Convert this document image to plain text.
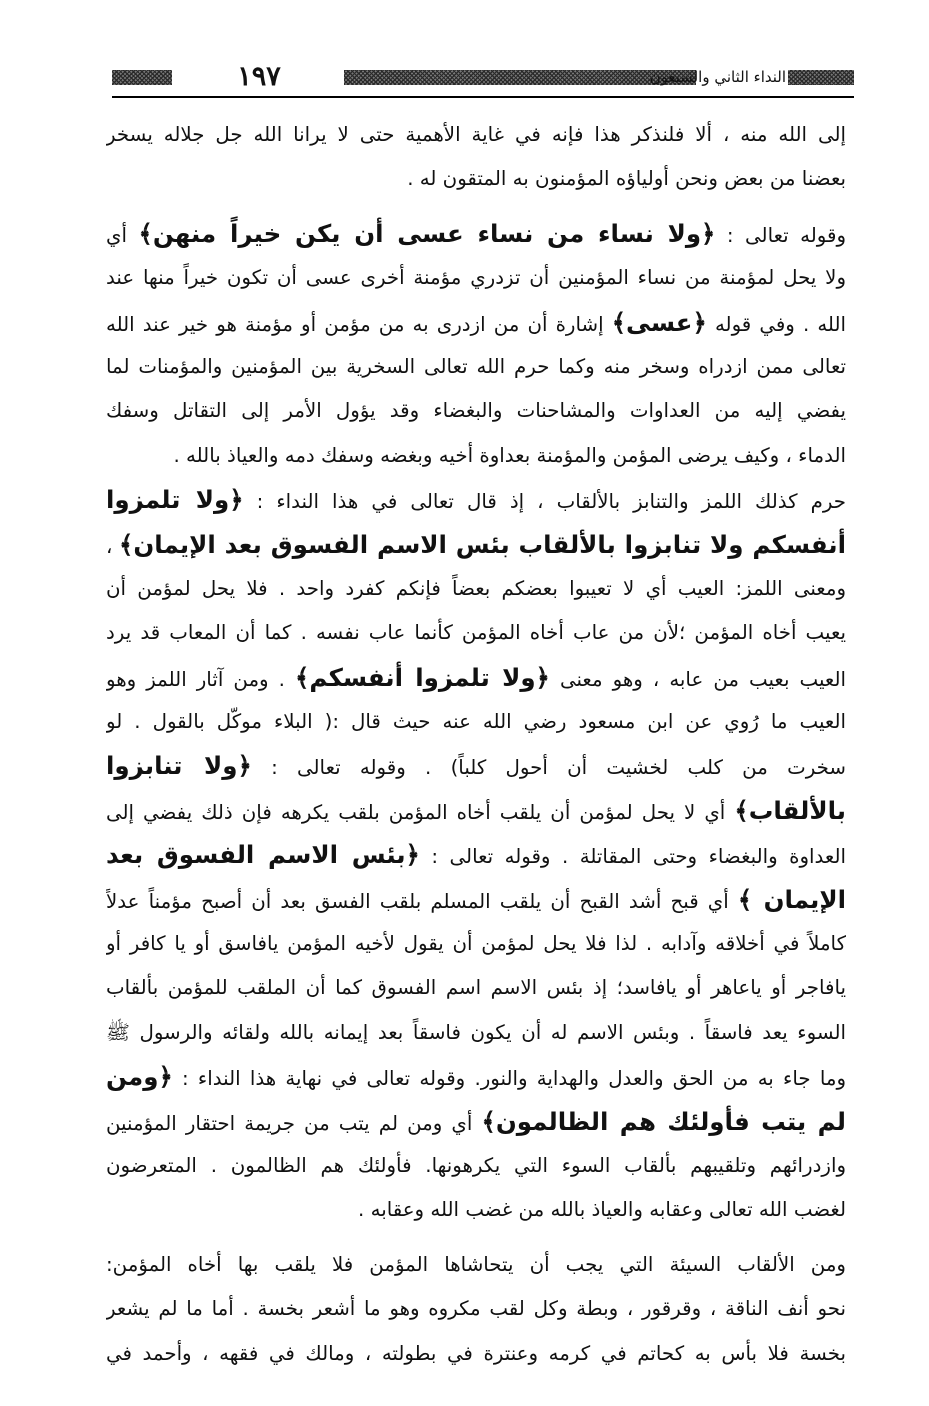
١٩٧	النداء الثاني والسبعون
إلى الله منه ، ألا فلنذكر هذا فإنه في غاية الأهمية حتى لا يرانا الله جل جلاله يسخر
بعضنا من بعض ونحن أولياؤه المؤمنون به المتقون له .
وقوله تعالى : ﴿ولا نساء من نساء عسى أن يكن خيراً منهن﴾ أي
ولا يحل لمؤمنة من نساء المؤمنين أن تزدري مؤمنة أخرى عسى أن تكون خيراً منها عند
الله . وفي قوله ﴿عسى﴾ إشارة أن من ازدرى به من مؤمن أو مؤمنة هو خير عند الله
تعالى ممن ازدراه وسخر منه وكما حرم الله تعالى السخرية بين المؤمنين والمؤمنات لما
يفضي إليه من العداوات والمشاحنات والبغضاء وقد يؤول الأمر إلى التقاتل وسفك
الدماء ، وكيف يرضى المؤمن والمؤمنة بعداوة أخيه وبغضه وسفك دمه والعياذ بالله .
حرم كذلك اللمز والتنابز بالألقاب ، إذ قال تعالى في هذا النداء : ﴿ولا تلمزوا
أنفسكم ولا تنابزوا بالألقاب بئس الاسم الفسوق بعد الإيمان﴾ ،
ومعنى اللمز: العيب أي لا تعيبوا بعضكم بعضاً فإنكم كفرد واحد . فلا يحل لمؤمن أن
يعيب أخاه المؤمن ؛لأن من عاب أخاه المؤمن كأنما عاب نفسه . كما أن المعاب قد يرد
العيب بعيب من عابه ، وهو معنى ﴿ولا تلمزوا أنفسكم﴾ . ومن آثار اللمز وهو
العيب ما رُوي عن ابن مسعود رضي الله عنه حيث قال :( البلاء موكّل بالقول . لو
سخرت من كلب لخشيت أن أحول كلباً) . وقوله تعالى : ﴿ولا تنابزوا
بالألقاب﴾ أي لا يحل لمؤمن أن يلقب أخاه المؤمن بلقب يكرهه فإن ذلك يفضي إلى
العداوة والبغضاء وحتى المقاتلة . وقوله تعالى : ﴿بئس الاسم الفسوق بعد
الإيمان ﴾ أي قبح أشد القبح أن يلقب المسلم بلقب الفسق بعد أن أصبح مؤمناً عدلاً
كاملاً في أخلاقه وآدابه . لذا فلا يحل لمؤمن أن يقول لأخيه المؤمن يافاسق أو يا كافر أو
يافاجر أو ياعاهر أو يافاسد؛ إذ بئس الاسم اسم الفسوق كما أن الملقب للمؤمن بألقاب
السوء يعد فاسقاً . وبئس الاسم له أن يكون فاسقاً بعد إيمانه بالله ولقائه والرسول ﷺ
وما جاء به من الحق والعدل والهداية والنور. وقوله تعالى في نهاية هذا النداء : ﴿ومن
لم يتب فأولئك هم الظالمون﴾ أي ومن لم يتب من جريمة احتقار المؤمنين
وازدرائهم وتلقيبهم بألقاب السوء التي يكرهونها. فأولئك هم الظالمون . المتعرضون
لغضب الله تعالى وعقابه والعياذ بالله من غضب الله وعقابه .
ومن الألقاب السيئة التي يجب أن يتحاشاها المؤمن فلا يلقب بها أخاه المؤمن:
نحو أنف الناقة ، وقرقور ، وبطة وكل لقب مكروه وهو ما أشعر بخسة . أما ما لم يشعر
بخسة فلا بأس به كحاتم في كرمه وعنترة في بطولته ، ومالك في فقهه ، وأحمد في
